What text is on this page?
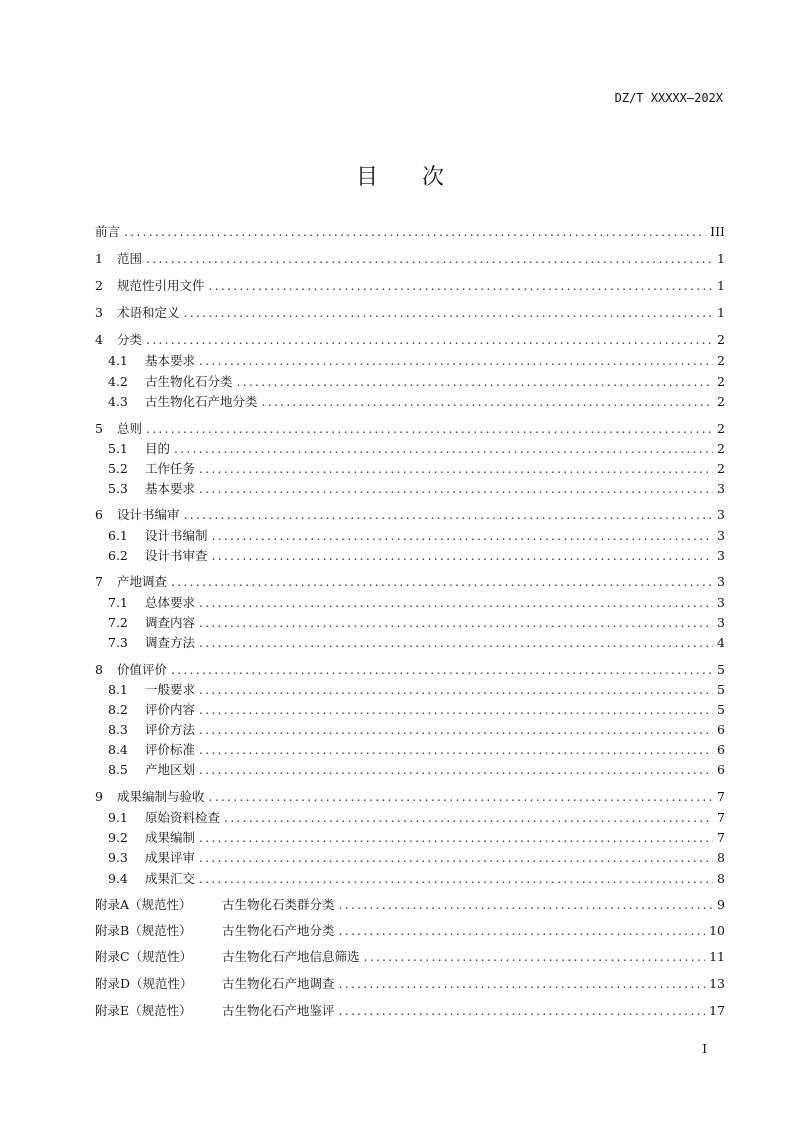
DZ/T XXXXX—202X
目 次
前言 .....	III
1	范围 .....	1
2	规范性引用文件 .....	1
3	术语和定义 .....	1
4	分类 .....	2
4.1	基本要求 .....	2
4.2	古生物化石分类 .....	2
4.3	古生物化石产地分类 .....	2
5	总则 .....	2
5.1	目的 .....	2
5.2	工作任务 .....	2
5.3	基本要求 .....	3
6	设计书编审 .....	3
6.1	设计书编制 .....	3
6.2	设计书审查 .....	3
7	产地调查 .....	3
7.1	总体要求 .....	3
7.2	调查内容 .....	3
7.3	调查方法 .....	4
8	价值评价 .....	5
8.1	一般要求 .....	5
8.2	评价内容 .....	5
8.3	评价方法 .....	6
8.4	评价标准 .....	6
8.5	产地区划 .....	6
9	成果编制与验收 .....	7
9.1	原始资料检查 .....	7
9.2	成果编制 .....	7
9.3	成果评审 .....	8
9.4	成果汇交 .....	8
附录A（规范性）	古生物化石类群分类 .....	9
附录B（规范性）	古生物化石产地分类 .....	10
附录C（规范性）	古生物化石产地信息筛选 .....	11
附录D（规范性）	古生物化石产地调查 .....	13
附录E（规范性）	古生物化石产地鉴评 .....	17
I
